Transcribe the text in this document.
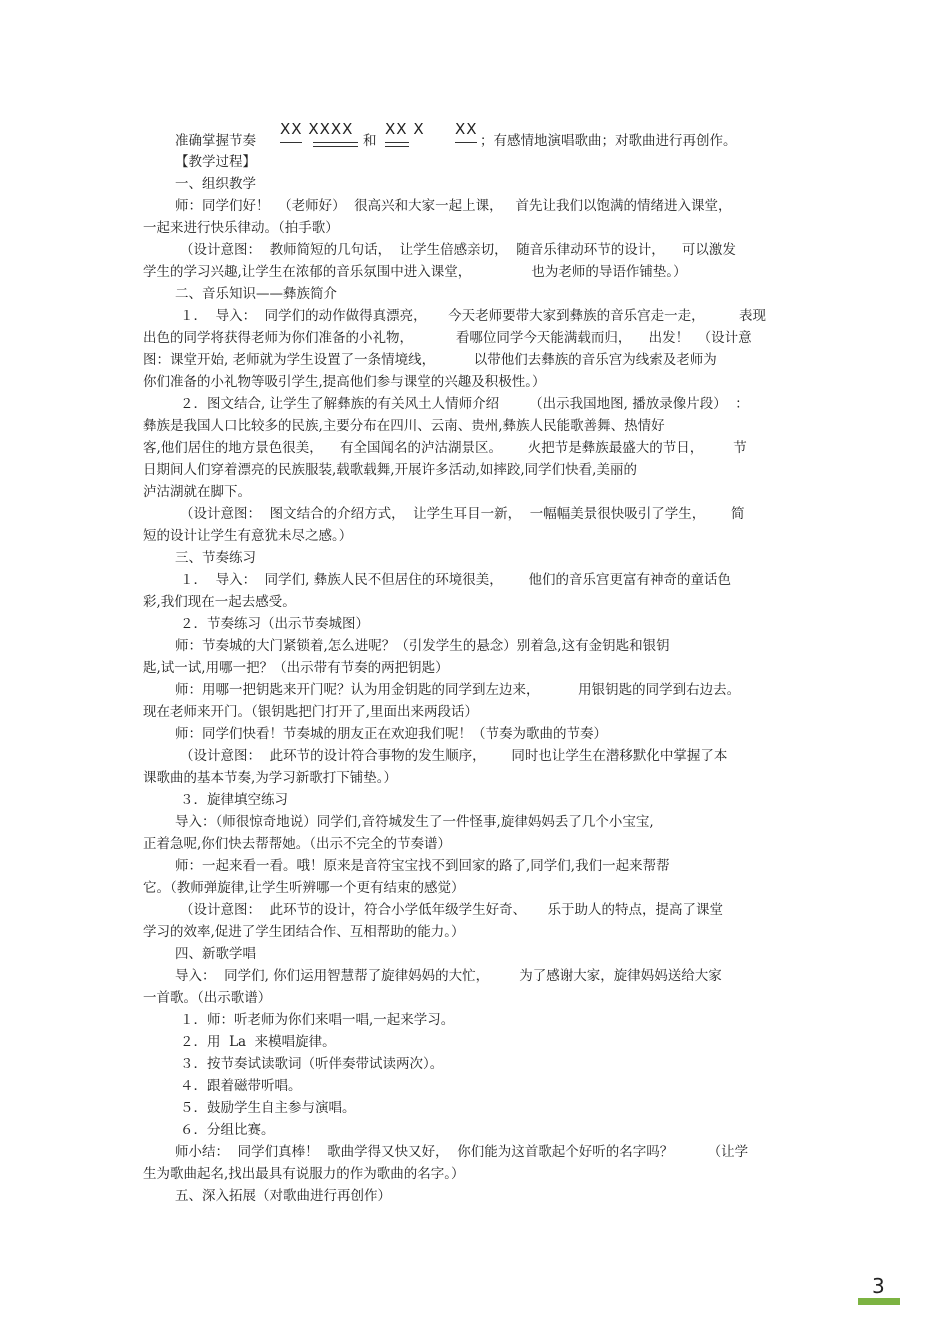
准确掌握节奏
XX XXXX
和
XX X XX
；有感情地演唱歌曲；对歌曲进行再创作。
【教学过程】
一、组织教学
师：同学们好！  （老师好）  很高兴和大家一起上课，   首先让我们以饱满的情绪进入课堂，
一起来进行快乐律动。（拍手歌）
（设计意图：  教师简短的几句话，  让学生倍感亲切，  随音乐律动环节的设计，    可以激发
学生的学习兴趣,让学生在浓郁的音乐氛围中进入课堂，              也为老师的导语作铺垫。）
二、音乐知识——彝族简介
１．  导入：  同学们的动作做得真漂亮，     今天老师要带大家到彝族的音乐宫走一走，        表现
出色的同学将获得老师为你们准备的小礼物，          看哪位同学今天能满载而归，    出发！  （设计意
图：课堂开始, 老师就为学生设置了一条情境线，         以带他们去彝族的音乐宫为线索及老师为
你们准备的小礼物等吸引学生,提高他们参与课堂的兴趣及积极性。）
２．图文结合, 让学生了解彝族的有关风土人情师介绍       （出示我国地图, 播放录像片段）  ：
彝族是我国人口比较多的民族,主要分布在四川、云南、贵州,彝族人民能歌善舞、热情好
客,他们居住的地方景色很美，    有全国闻名的泸沽湖景区。      火把节是彝族最盛大的节日，       节
日期间人们穿着漂亮的民族服装,载歌载舞,开展许多活动,如摔跤,同学们快看,美丽的
泸沽湖就在脚下。
（设计意图：  图文结合的介绍方式，  让学生耳目一新，  一幅幅美景很快吸引了学生，      简
短的设计让学生有意犹未尽之感。）
三、节奏练习
１．  导入：  同学们, 彝族人民不但居住的环境很美，      他们的音乐宫更富有神奇的童话色
彩,我们现在一起去感受。
２．节奏练习（出示节奏城图）
师：节奏城的大门紧锁着,怎么进呢？（引发学生的悬念）别着急,这有金钥匙和银钥
匙,试一试,用哪一把？（出示带有节奏的两把钥匙）
师：用哪一把钥匙来开门呢？认为用金钥匙的同学到左边来，         用银钥匙的同学到右边去。
现在老师来开门。（银钥匙把门打开了,里面出来两段话）
师：同学们快看！节奏城的朋友正在欢迎我们呢！（节奏为歌曲的节奏）
（设计意图：  此环节的设计符合事物的发生顺序，      同时也让学生在潜移默化中掌握了本
课歌曲的基本节奏,为学习新歌打下铺垫。）
３．旋律填空练习
导入：（师很惊奇地说）同学们,音符城发生了一件怪事,旋律妈妈丢了几个小宝宝,
正着急呢,你们快去帮帮她。（出示不完全的节奏谱）
师：一起来看一看。哦！原来是音符宝宝找不到回家的路了,同学们,我们一起来帮帮
它。（教师弹旋律,让学生听辨哪一个更有结束的感觉）
（设计意图：  此环节的设计，符合小学低年级学生好奇、     乐于助人的特点，提高了课堂
学习的效率,促进了学生团结合作、互相帮助的能力。）
四、新歌学唱
导入：  同学们, 你们运用智慧帮了旋律妈妈的大忙，       为了感谢大家，旋律妈妈送给大家
一首歌。（出示歌谱）
１．师：听老师为你们来唱一唱,一起来学习。
２．用  La  来模唱旋律。
３．按节奏试读歌词（听伴奏带试读两次）。
４．跟着磁带听唱。
５．鼓励学生自主参与演唱。
６．分组比赛。
师小结：  同学们真棒！  歌曲学得又快又好，  你们能为这首歌起个好听的名字吗？        （让学
生为歌曲起名,找出最具有说服力的作为歌曲的名字。）
五、深入拓展（对歌曲进行再创作）
3
